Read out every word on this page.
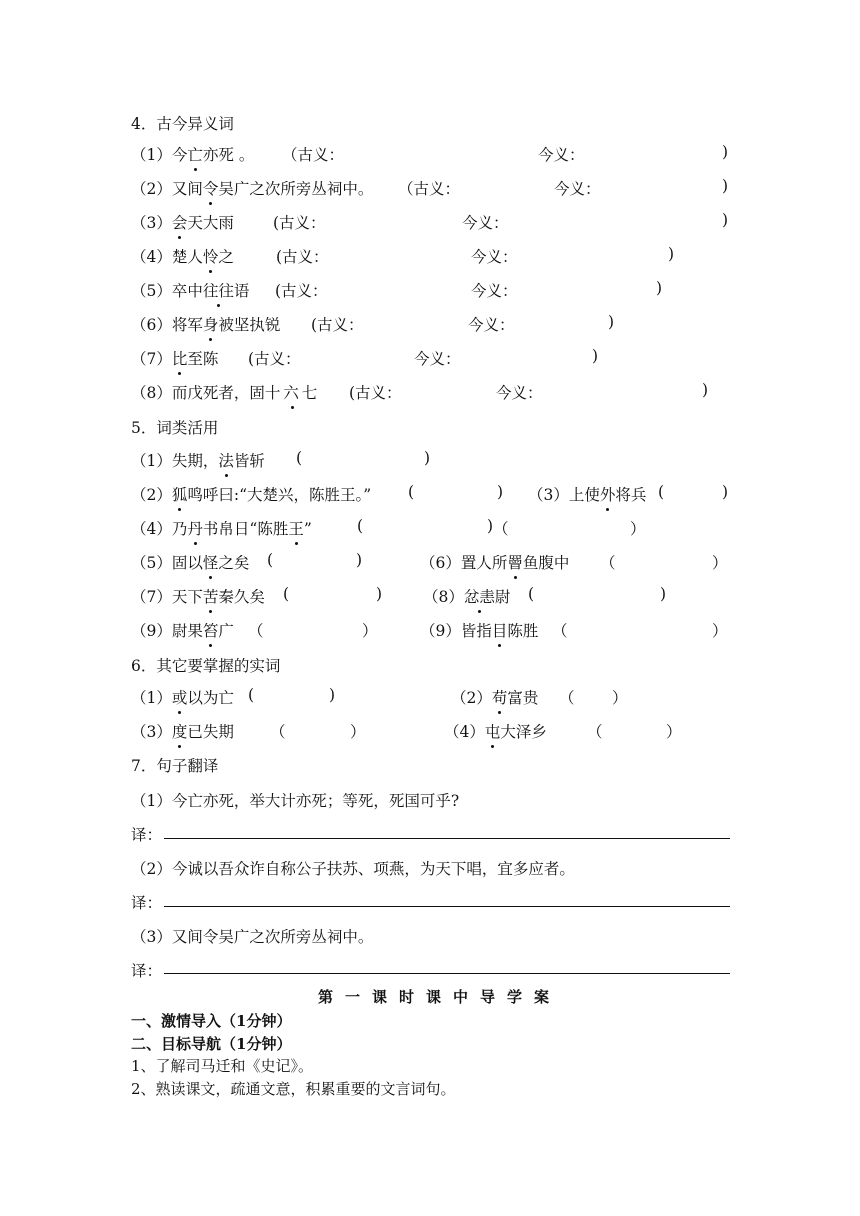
4．古今异义词
（1）今亡亦死 。 （古义：	今义：	)
（2）又间令吴广之次所旁丛祠中。 （古义：	今义：	)
（3）会天大雨	(古义：	今义：	)
（4）楚人怜之	(古义：	今义：	)
（5）卒中往往语 (古义：	今义：	)
（6）将军身被坚执锐 (古义：	今义：	)
（7）比至陈 (古义：	今义：	)
（8）而戊死者，固十六七 (古义：	今义：	)
5．词类活用
（1）失期，法皆斩 (	)
（2）狐鸣呼曰:“大楚兴，陈胜王。” (	) （3）上使外将兵 (	)
（4）乃丹书帛日“陈胜王”	(	) （	）
（5）固以怪之矣 (	)	（6）置人所罾鱼腹中 （	）
（7）天下苦秦久矣 (	)	（8）忿恚尉 (	)
（9）尉果笞广 （	）	（9）皆指目陈胜 （	）
6．其它要掌握的实词
（1）或以为亡 (	)	（2）苟富贵 （ ）
（3）度已失期 （	）	（4）屯大泽乡	（	）
7．句子翻译
（1）今亡亦死，举大计亦死；等死，死国可乎?
译：
（2）今诚以吾众诈自称公子扶苏、项燕，为天下唱，宜多应者。
译：
（3）又间令吴广之次所旁丛祠中。
译：
第一课时课中导学案
一、激情导入（1分钟）
二、目标导航（1分钟）
1、了解司马迁和《史记》。
2、熟读课文，疏通文意，积累重要的文言词句。
